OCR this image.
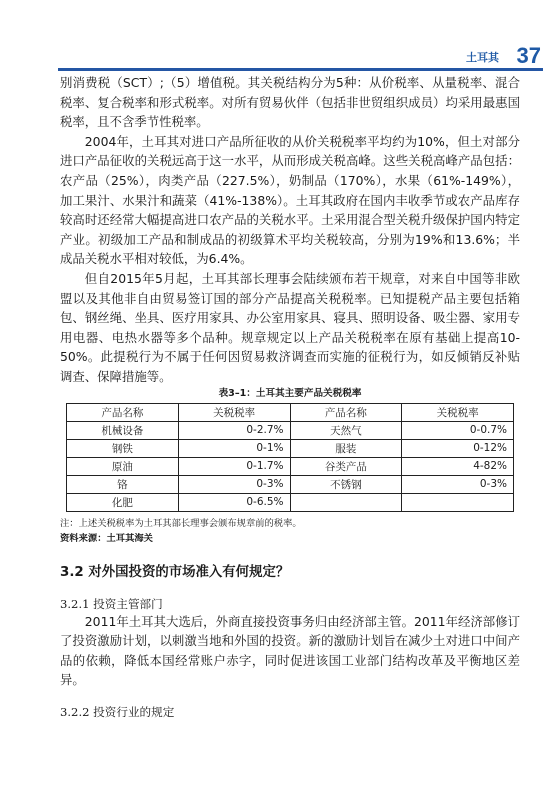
土耳其 37

别消费税（SCT）;（5）增值税。其关税结构分为5种：从价税率、从量税率、混合税率、复合税率和形式税率。对所有贸易伙伴（包括非世贸组织成员）均采用最惠国税率，且不含季节性税率。

2004年，土耳其对进口产品所征收的从价关税税率平均约为10%，但土对部分进口产品征收的关税远高于这一水平，从而形成关税高峰。这些关税高峰产品包括：农产品（25%），肉类产品（227.5%），奶制品（170%），水果（61%-149%），加工果汁、水果汁和蔬菜（41%-138%）。土耳其政府在国内丰收季节或农产品库存较高时还经常大幅提高进口农产品的关税水平。土采用混合型关税升级保护国内特定产业。初级加工产品和制成品的初级算术平均关税较高，分别为19%和13.6%；半成品关税水平相对较低，为6.4%。

但自2015年5月起，土耳其部长理事会陆续颁布若干规章，对来自中国等非欧盟以及其他非自由贸易签订国的部分产品提高关税税率。已知提税产品主要包括箱包、钢丝绳、坐具、医疗用家具、办公室用家具、寝具、照明设备、吸尘器、家用专用电器、电热水器等多个品种。规章规定以上产品关税税率在原有基础上提高10-50%。此提税行为不属于任何因贸易救济调查而实施的征税行为，如反倾销反补贴调查、保障措施等。

表3–1：土耳其主要产品关税税率

产品名称	关税税率	产品名称	关税税率
机械设备	0-2.7%	天然气	0-0.7%
钢铁	0-1%	服装	0-12%
原油	0-1.7%	谷类产品	4-82%
铬	0-3%	不锈钢	0-3%
化肥	0-6.5%		
注：上述关税税率为土耳其部长理事会颁布规章前的税率。
资料来源：土耳其海关
3.2 对外国投资的市场准入有何规定？
3.2.1 投资主管部门

2011年土耳其大选后，外商直接投资事务归由经济部主管。2011年经济部修订了投资激励计划，以刺激当地和外国的投资。新的激励计划旨在减少土对进口中间产品的依赖，降低本国经常账户赤字，同时促进该国工业部门结构改革及平衡地区差异。

3.2.2 投资行业的规定
